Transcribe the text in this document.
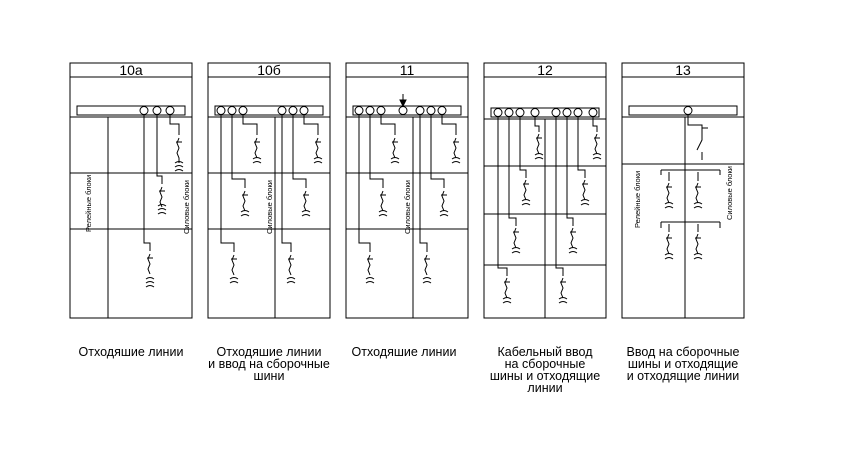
10а
Релейные блоки	Силовые блоки
10б
Силовые блоки
11
Силовые блоки
12	13
Релейные блоки	Силовые блоки
Отходяшие линии	Отходяшие линии
и ввод на сборочные
шини
Отходяшие линии	Кабельный ввод
на сборочные
шины и отходящие
линии
Ввод на сборочные
шины и отходящие
и отходящие линии
